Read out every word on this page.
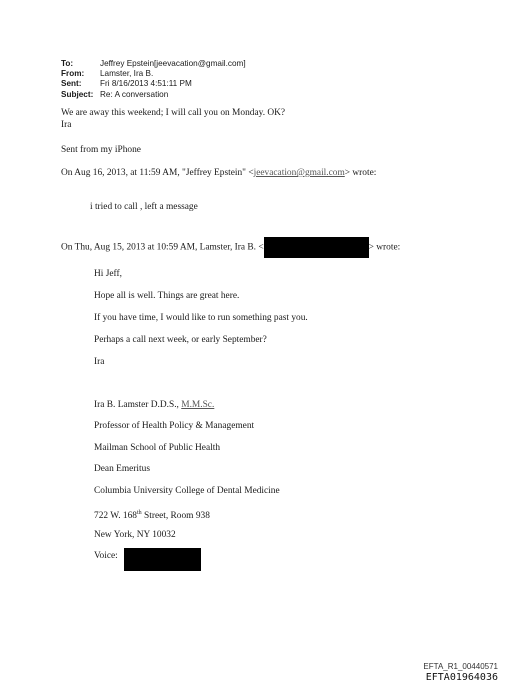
To:	Jeffrey Epstein[jeevacation@gmail.com]
From:	Lamster, Ira B.
Sent:	Fri 8/16/2013 4:51:11 PM
Subject: Re: A conversation
We are away this weekend; I will call you on Monday. OK?
Ira
Sent from my iPhone
On Aug 16, 2013, at 11:59 AM, "Jeffrey Epstein" <jeevacation@gmail.com> wrote:
i tried to call , left a message
On Thu, Aug 15, 2013 at 10:59 AM, Lamster, Ira B. <	> wrote:
Hi Jeff,
Hope all is well. Things are great here.
If you have time, I would like to run something past you.
Perhaps a call next week, or early September?
Ira
Ira B. Lamster D.D.S., M.M.Sc.
Professor of Health Policy & Management
Mailman School of Public Health
Dean Emeritus
Columbia University College of Dental Medicine
722 W. 168th Street, Room 938
New York, NY 10032
Voice:
EFTA_R1_00440571
EFTA01964036
